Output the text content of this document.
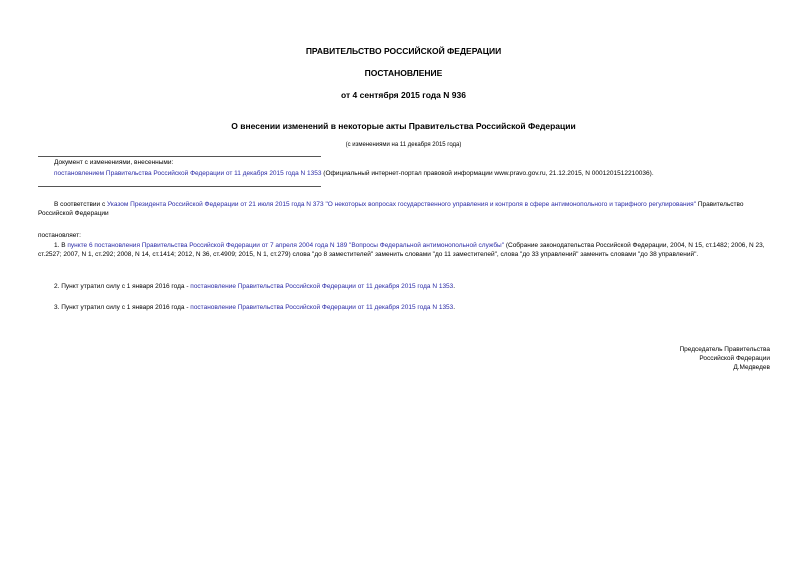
ПРАВИТЕЛЬСТВО РОССИЙСКОЙ ФЕДЕРАЦИИ
ПОСТАНОВЛЕНИЕ
от 4 сентября 2015 года N 936
О внесении изменений в некоторые акты Правительства Российской Федерации
(с изменениями на 11 декабря 2015 года)
Документ с изменениями, внесенными:
постановлением Правительства Российской Федерации от 11 декабря 2015 года N 1353 (Официальный интернет-портал правовой информации www.pravo.gov.ru, 21.12.2015, N 0001201512210036).
В соответствии с Указом Президента Российской Федерации от 21 июля 2015 года N 373 "О некоторых вопросах государственного управления и контроля в сфере антимонопольного и тарифного регулирования" Правительство Российской Федерации
постановляет:
1. В пункте 6 постановления Правительства Российской Федерации от 7 апреля 2004 года N 189 "Вопросы Федеральной антимонопольной службы" (Собрание законодательства Российской Федерации, 2004, N 15, ст.1482; 2006, N 23, ст.2527; 2007, N 1, ст.292; 2008, N 14, ст.1414; 2012, N 36, ст.4909; 2015, N 1, ст.279) слова "до 8 заместителей" заменить словами "до 11 заместителей", слова "до 33 управлений" заменить словами "до 38 управлений".
2. Пункт утратил силу с 1 января 2016 года - постановление Правительства Российской Федерации от 11 декабря 2015 года N 1353.
3. Пункт утратил силу с 1 января 2016 года - постановление Правительства Российской Федерации от 11 декабря 2015 года N 1353.
Председатель Правительства
Российской Федерации
Д.Медведев
